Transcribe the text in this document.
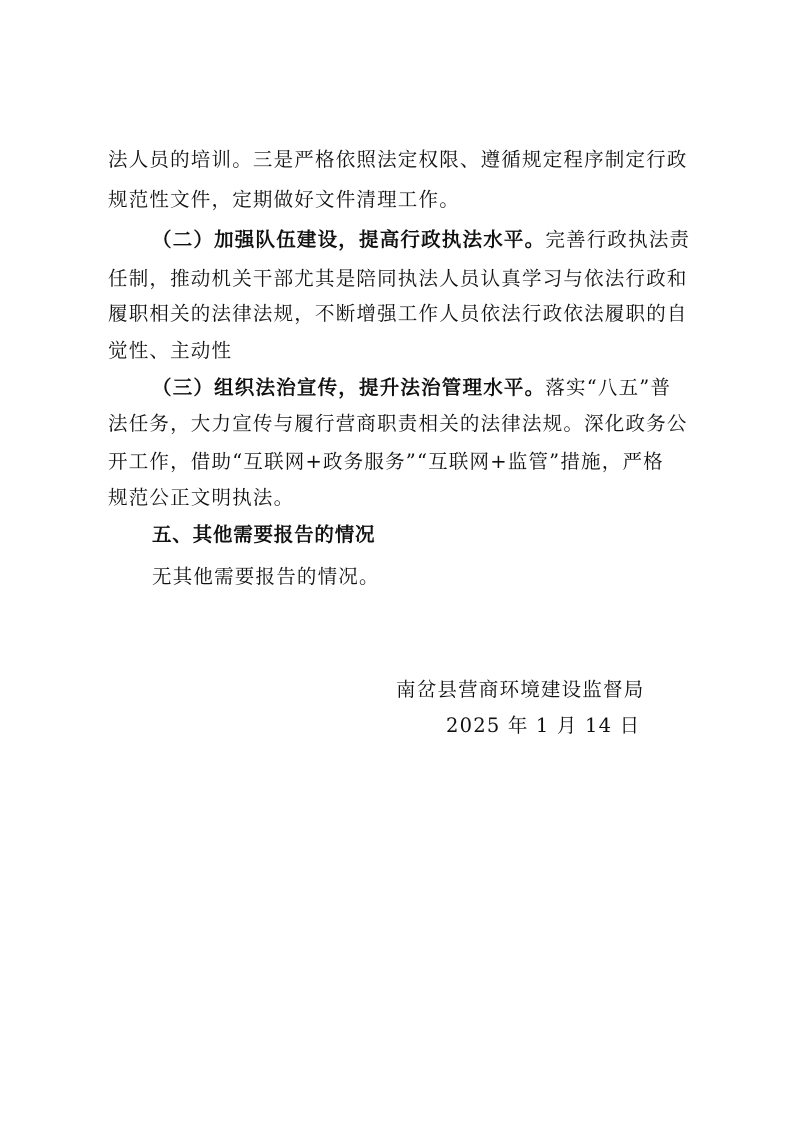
法人员的培训。三是严格依照法定权限、遵循规定程序制定行政
规范性文件，定期做好文件清理工作。
（二）加强队伍建设，提高行政执法水平。完善行政执法责
任制，推动机关干部尤其是陪同执法人员认真学习与依法行政和
履职相关的法律法规，不断增强工作人员依法行政依法履职的自
觉性、主动性
（三）组织法治宣传，提升法治管理水平。落实“八五”普
法任务，大力宣传与履行营商职责相关的法律法规。深化政务公
开工作，借助“互联网+政务服务”“互联网+监管”措施，严格
规范公正文明执法。
五、其他需要报告的情况
无其他需要报告的情况。
南岔县营商环境建设监督局
2025 年 1 月 14 日
